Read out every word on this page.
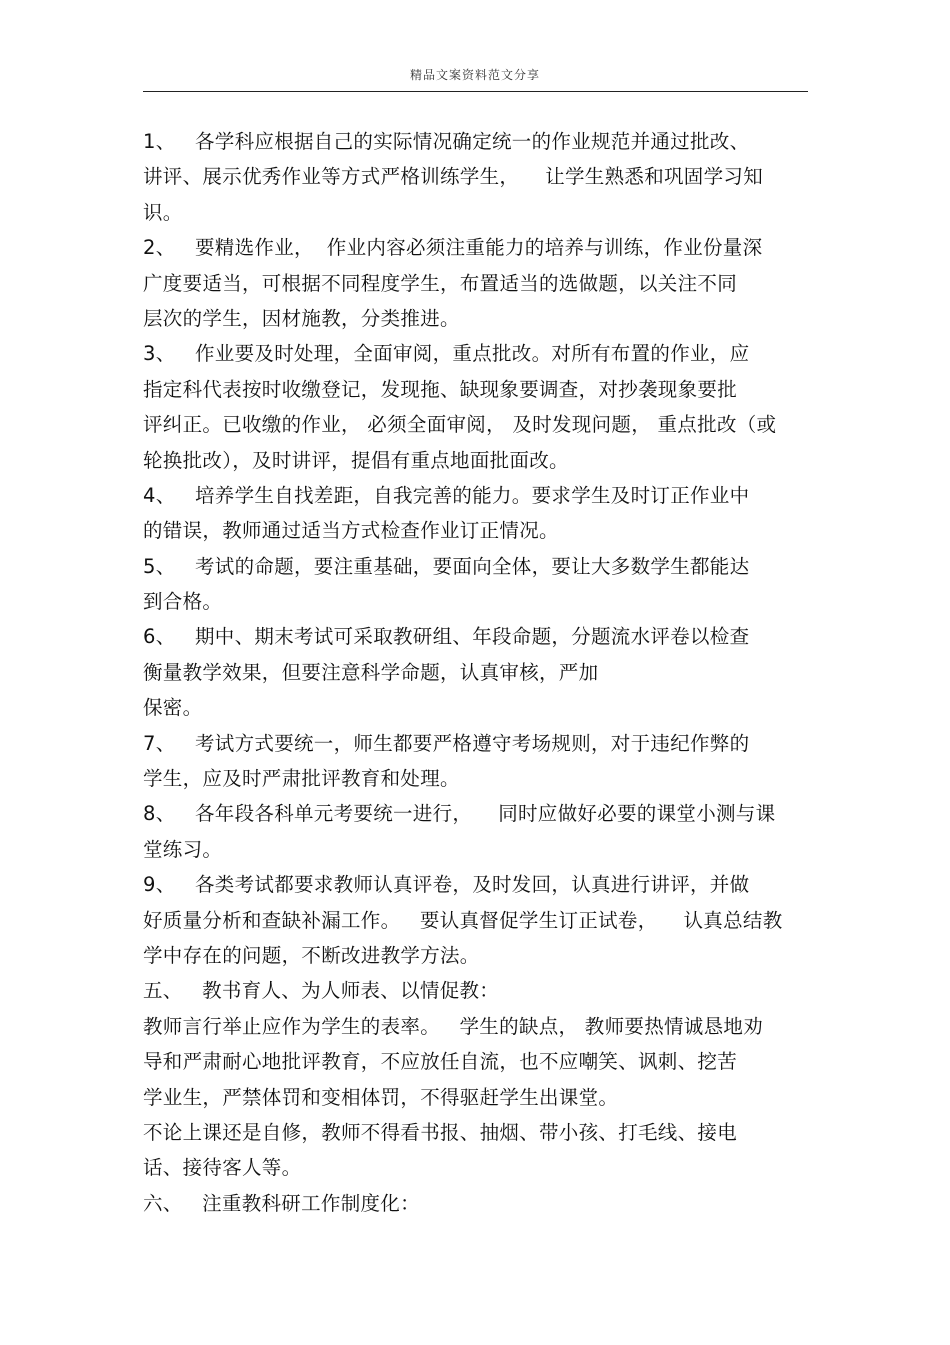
精品文案资料范文分享
1、   各学科应根据自己的实际情况确定统一的作业规范并通过批改、
讲评、展示优秀作业等方式严格训练学生，    让学生熟悉和巩固学习知
识。
2、   要精选作业，  作业内容必须注重能力的培养与训练，作业份量深
广度要适当，可根据不同程度学生，布置适当的选做题，以关注不同
层次的学生，因材施教，分类推进。
3、   作业要及时处理，全面审阅，重点批改。对所有布置的作业，应
指定科代表按时收缴登记，发现拖、缺现象要调查，对抄袭现象要批
评纠正。已收缴的作业， 必须全面审阅， 及时发现问题， 重点批改（或
轮换批改），及时讲评，提倡有重点地面批面改。
4、   培养学生自找差距，自我完善的能力。要求学生及时订正作业中
的错误，教师通过适当方式检查作业订正情况。
5、   考试的命题，要注重基础，要面向全体，要让大多数学生都能达
到合格。
6、   期中、期末考试可采取教研组、年段命题，分题流水评卷以检查
衡量教学效果，但要注意科学命题，认真审核，严加
保密。
7、   考试方式要统一，师生都要严格遵守考场规则，对于违纪作弊的
学生，应及时严肃批评教育和处理。
8、   各年段各科单元考要统一进行，    同时应做好必要的课堂小测与课
堂练习。
9、   各类考试都要求教师认真评卷，及时发回，认真进行讲评，并做
好质量分析和查缺补漏工作。   要认真督促学生订正试卷，    认真总结教
学中存在的问题，不断改进教学方法。
五、   教书育人、为人师表、以情促教：
教师言行举止应作为学生的表率。   学生的缺点， 教师要热情诚恳地劝
导和严肃耐心地批评教育，不应放任自流，也不应嘲笑、讽刺、挖苦
学业生，严禁体罚和变相体罚，不得驱赶学生出课堂。
不论上课还是自修，教师不得看书报、抽烟、带小孩、打毛线、接电
话、接待客人等。
六、   注重教科研工作制度化：
